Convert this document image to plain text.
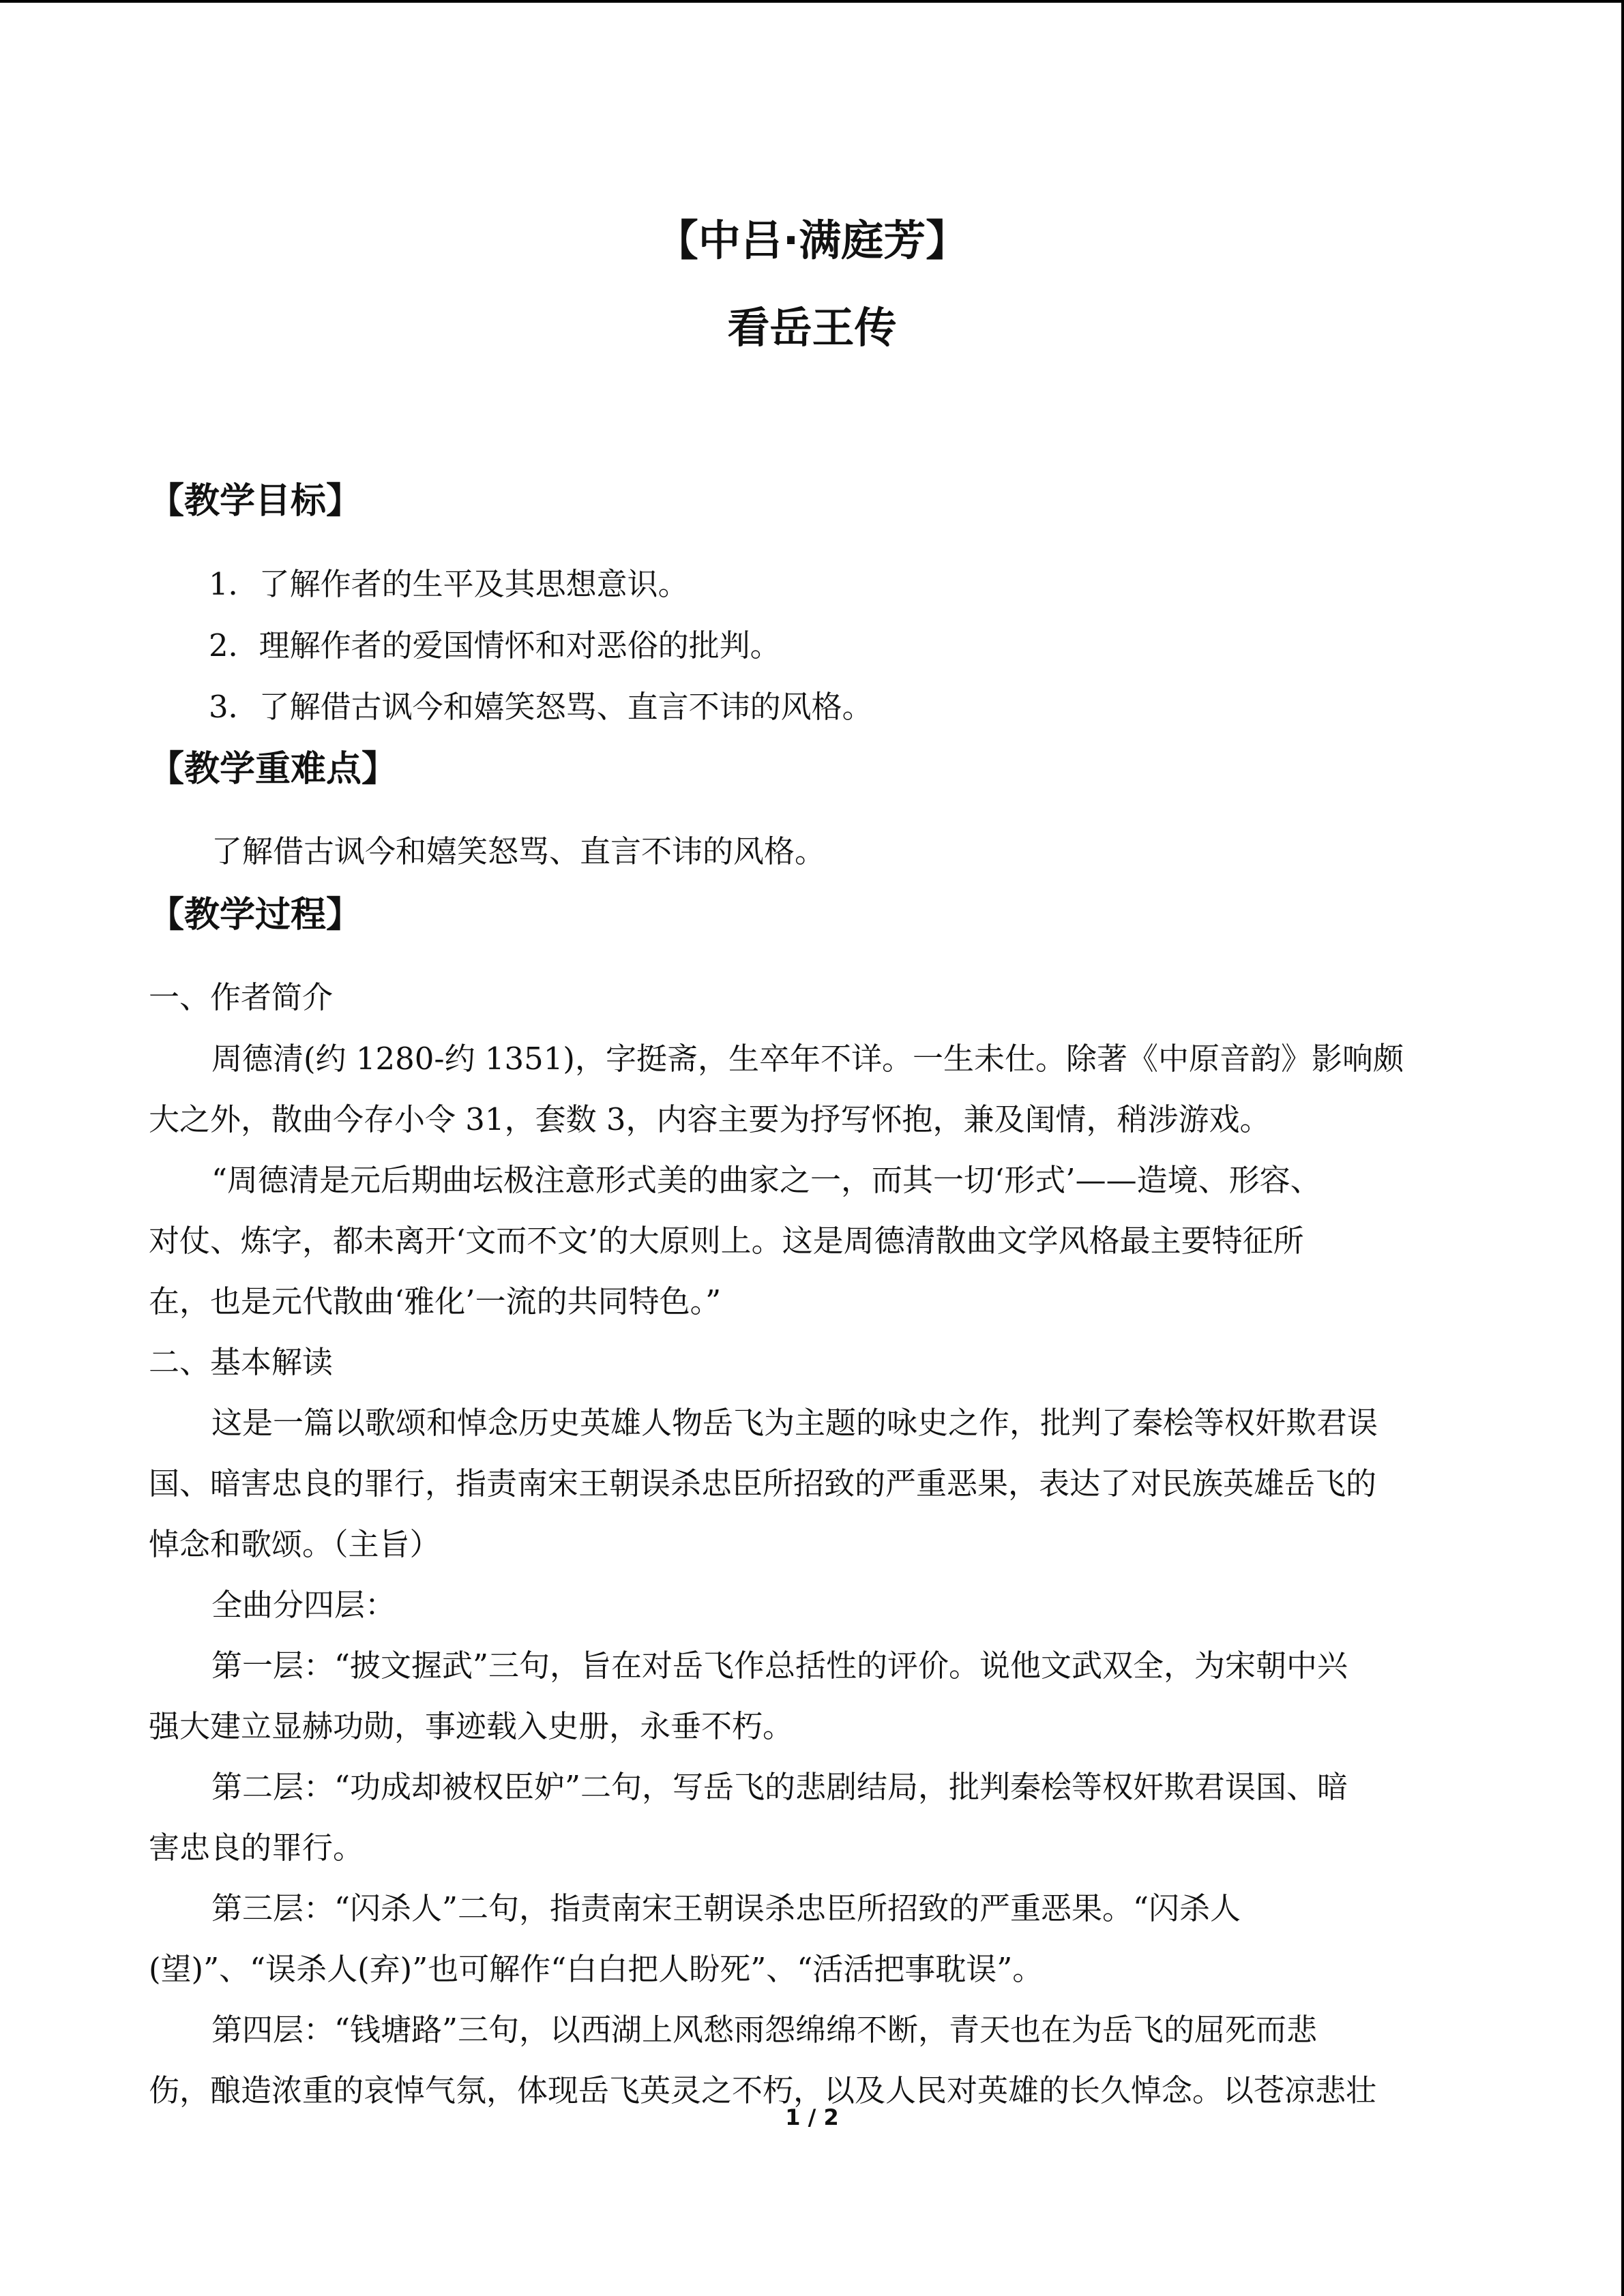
【中吕·满庭芳】
看岳王传
【教学目标】
1．了解作者的生平及其思想意识。
2．理解作者的爱国情怀和对恶俗的批判。
3．了解借古讽今和嬉笑怒骂、直言不讳的风格。
【教学重难点】
了解借古讽今和嬉笑怒骂、直言不讳的风格。
【教学过程】
一、作者简介
周德清(约 1280-约 1351)，字挺斋，生卒年不详。一生未仕。除著《中原音韵》影响颇
大之外，散曲今存小令 31，套数 3，内容主要为抒写怀抱，兼及闺情，稍涉游戏。
“周德清是元后期曲坛极注意形式美的曲家之一，而其一切‘形式’——造境、形容、
对仗、炼字，都未离开‘文而不文’的大原则上。这是周德清散曲文学风格最主要特征所
在，也是元代散曲‘雅化’一流的共同特色。”
二、基本解读
这是一篇以歌颂和悼念历史英雄人物岳飞为主题的咏史之作，批判了秦桧等权奸欺君误
国、暗害忠良的罪行，指责南宋王朝误杀忠臣所招致的严重恶果，表达了对民族英雄岳飞的
悼念和歌颂。（主旨）
全曲分四层：
第一层：“披文握武”三句，旨在对岳飞作总括性的评价。说他文武双全，为宋朝中兴
强大建立显赫功勋，事迹载入史册，永垂不朽。
第二层：“功成却被权臣妒”二句，写岳飞的悲剧结局，批判秦桧等权奸欺君误国、暗
害忠良的罪行。
第三层：“闪杀人”二句，指责南宋王朝误杀忠臣所招致的严重恶果。“闪杀人
(望)”、“误杀人(弃)”也可解作“白白把人盼死”、“活活把事耽误”。
第四层：“钱塘路”三句，以西湖上风愁雨怨绵绵不断，青天也在为岳飞的屈死而悲
伤，酿造浓重的哀悼气氛，体现岳飞英灵之不朽，以及人民对英雄的长久悼念。以苍凉悲壮
1 / 2
